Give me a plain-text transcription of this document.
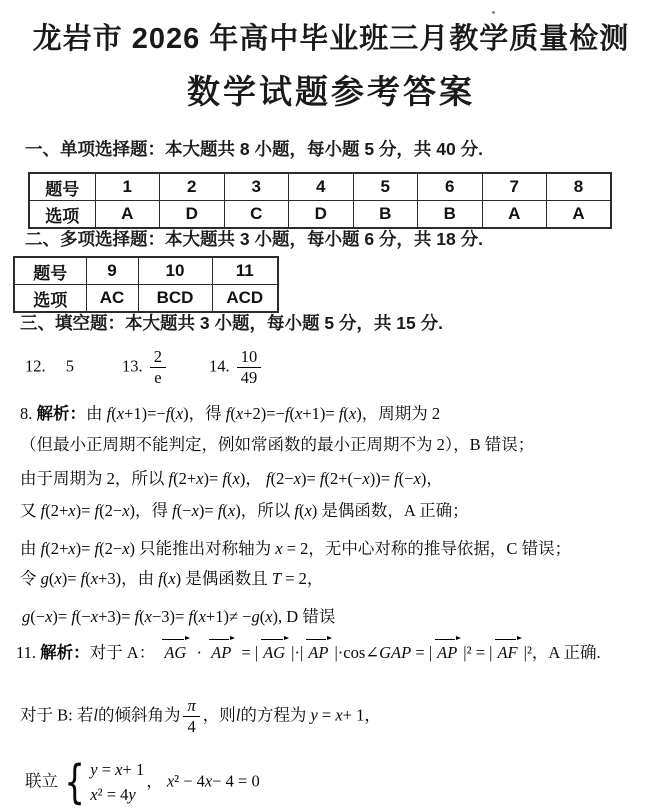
龙岩市 2026 年高中毕业班三月教学质量检测
数学试题参考答案
一、单项选择题：本大题共 8 小题，每小题 5 分，共 40 分.
题号	1	2	3	4	5	6	7	8
选项	A	D	C	D	B	B	A	A
二、多项选择题：本大题共 3 小题，每小题 6 分，共 18 分.
题号	9	10	11
选项	AC	BCD	ACD
三、填空题：本大题共 3 小题，每小题 5 分，共 15 分.
12. 5	13. $\frac{2}{e}$	14. $\frac{10}{49}$
8. 解析：由 f(x+1)=−f(x)，得 f(x+2)=−f(x+1)= f(x)，周期为 2
（但最小正周期不能判定，例如常函数的最小正周期不为 2），B 错误；
由于周期为 2，所以 f(2+x)= f(x)， f(2−x)= f(2+(−x))= f(−x)，
又 f(2+x)= f(2−x)，得 f(−x)= f(x)，所以 f(x) 是偶函数，A 正确；
由 f(2+x)= f(2−x) 只能推出对称轴为 x = 2，无中心对称的推导依据，C 错误；
令 g(x)= f(x+3)，由 f(x) 是偶函数且 T = 2，
g(−x)= f(−x+3)= f(x−3)= f(x+1)≠ −g(x), D 错误
11. 解析：对于 A： AG · AP = | AG |·| AP |·cos∠GAP = | AP |² = | AF |²，A 正确.
对于 B: 若l的倾斜角为 $\frac{\pi}{4}$ ，则l的方程为 y = x+ 1，
联立 { y = x+ 1
x² = 4y
， x² − 4x− 4 = 0
